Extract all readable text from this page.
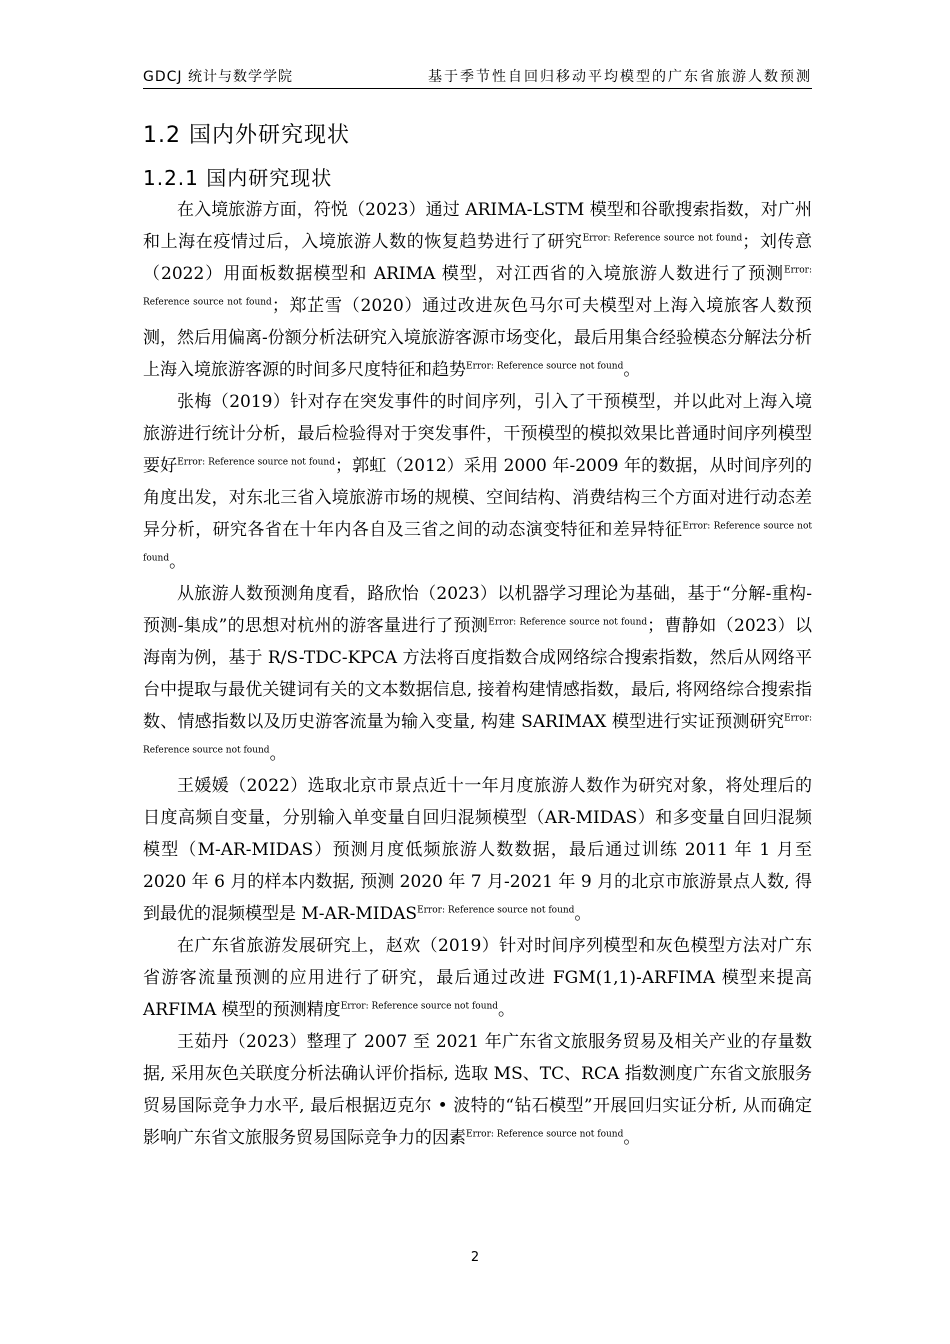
GDCJ 统计与数学学院	基于季节性自回归移动平均模型的广东省旅游人数预测
1.2 国内外研究现状
1.2.1 国内研究现状

在入境旅游方面，符悦（2023）通过 ARIMA-LSTM 模型和谷歌搜索指数，对广州和上海在疫情过后，入境旅游人数的恢复趋势进行了研究$^{Error: Reference source not found}$；刘传意（2022）用面板数据模型和 ARIMA 模型，对江西省的入境旅游人数进行了预测$^{Error: Reference source not found}$；郑芷雪（2020）通过改进灰色马尔可夫模型对上海入境旅客人数预测，然后用偏离-份额分析法研究入境旅游客源市场变化，最后用集合经验模态分解法分析上海入境旅游客源的时间多尺度特征和趋势$^{Error: Reference source not found}$。

张梅（2019）针对存在突发事件的时间序列，引入了干预模型，并以此对上海入境旅游进行统计分析，最后检验得对于突发事件，干预模型的模拟效果比普通时间序列模型要好$^{Error: Reference source not found}$；郭虹（2012）采用 2000 年-2009 年的数据，从时间序列的角度出发，对东北三省入境旅游市场的规模、空间结构、消费结构三个方面对进行动态差异分析，研究各省在十年内各自及三省之间的动态演变特征和差异特征$^{Error: Reference source not found}$。

从旅游人数预测角度看，路欣怡（2023）以机器学习理论为基础，基于“分解-重构-预测-集成”的思想对杭州的游客量进行了预测$^{Error: Reference source not found}$；曹静如（2023）以海南为例，基于 R/S-TDC-KPCA 方法将百度指数合成网络综合搜索指数，然后从网络平台中提取与最优关键词有关的文本数据信息, 接着构建情感指数，最后, 将网络综合搜索指数、情感指数以及历史游客流量为输入变量, 构建 SARIMAX 模型进行实证预测研究$^{Error: Reference source not found}$。

王媛媛（2022）选取北京市景点近十一年月度旅游人数作为研究对象，将处理后的日度高频自变量，分别输入单变量自回归混频模型（AR-MIDAS）和多变量自回归混频模型（M-AR-MIDAS）预测月度低频旅游人数数据，最后通过训练 2011 年 1 月至 2020 年 6 月的样本内数据, 预测 2020 年 7 月-2021 年 9 月的北京市旅游景点人数, 得到最优的混频模型是 M-AR-MIDAS$^{Error: Reference source not found}$。

在广东省旅游发展研究上，赵欢（2019）针对时间序列模型和灰色模型方法对广东省游客流量预测的应用进行了研究，最后通过改进 FGM(1,1)-ARFIMA 模型来提高 ARFIMA 模型的预测精度$^{Error: Reference source not found}$。

王茹丹（2023）整理了 2007 至 2021 年广东省文旅服务贸易及相关产业的存量数据, 采用灰色关联度分析法确认评价指标, 选取 MS、TC、RCA 指数测度广东省文旅服务贸易国际竞争力水平, 最后根据迈克尔 • 波特的“钻石模型”开展回归实证分析, 从而确定影响广东省文旅服务贸易国际竞争力的因素$^{Error: Reference source not found}$。

2
